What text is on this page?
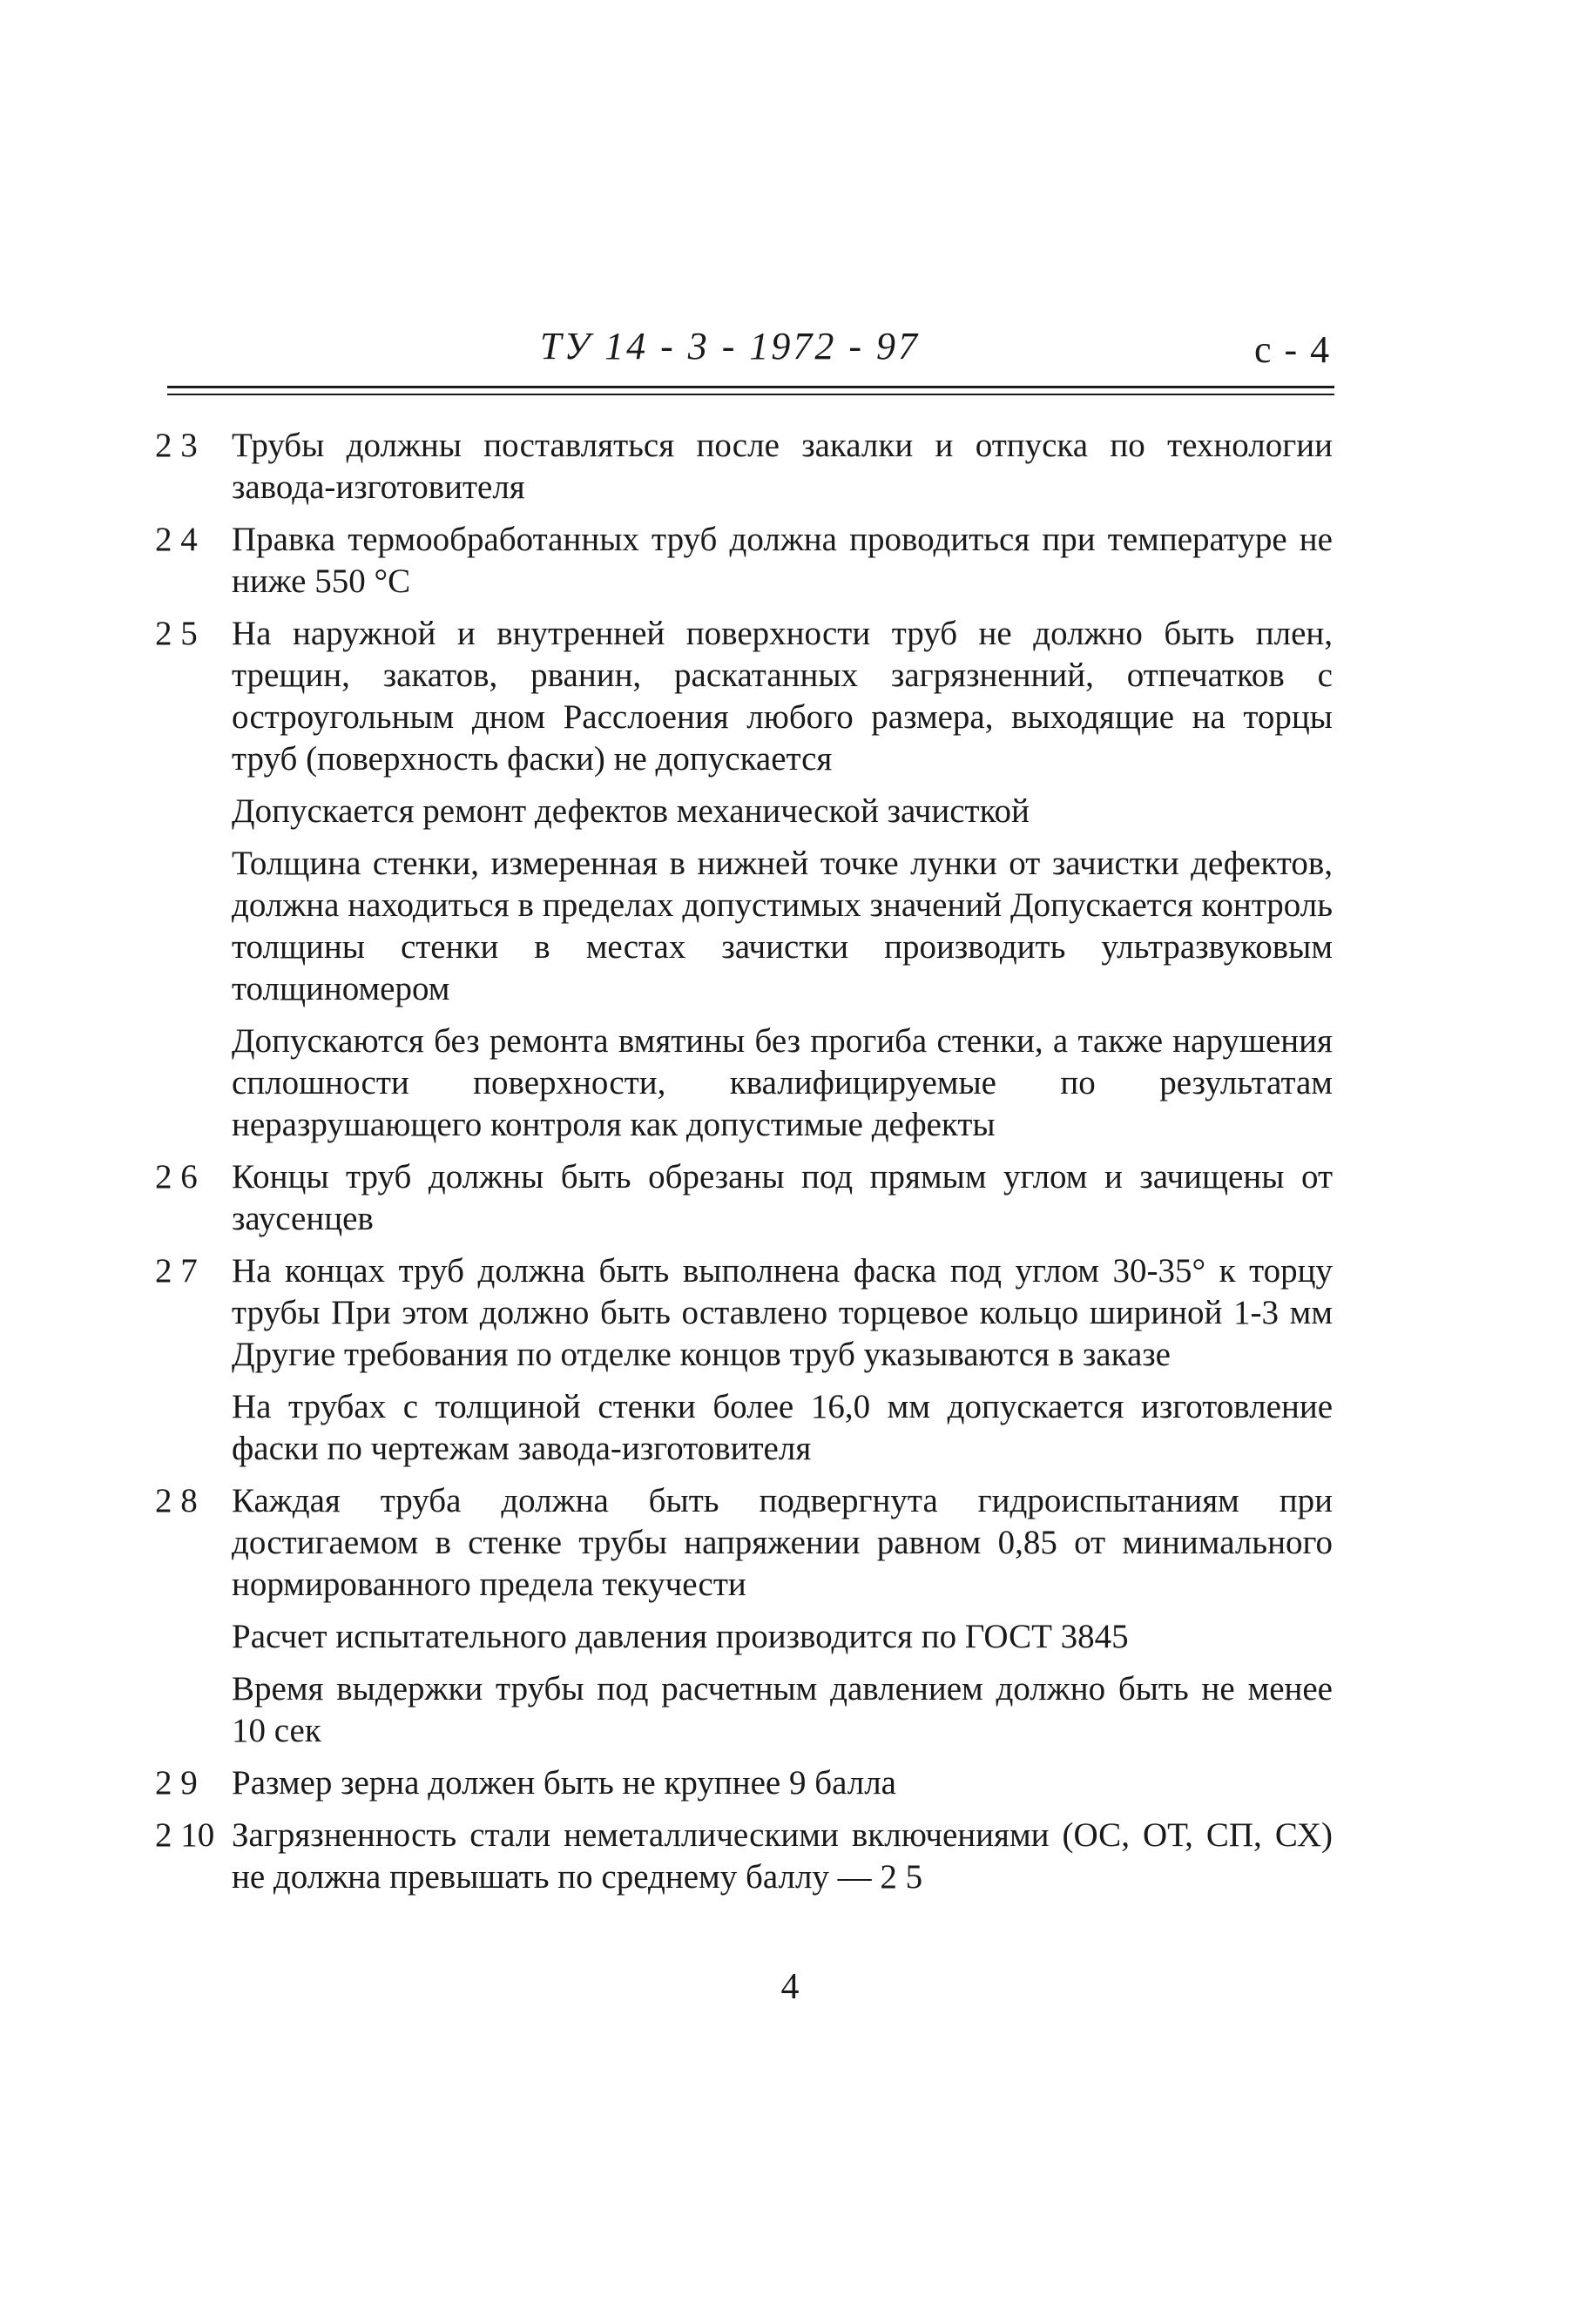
ТУ 14 - 3 - 1972 - 97	с - 4
2 3	Трубы должны поставляться после закалки и отпуска по технологии завода-изготовителя
2 4	Правка термообработанных труб должна проводиться при температуре не ниже 550 °С
2 5	На наружной и внутренней поверхности труб не должно быть плен, трещин, закатов, рванин, раскатанных загрязненний, отпечатков с остроугольным дном Расслоения любого размера, выходящие на торцы труб (поверхность фаски) не допускается
Допускается ремонт дефектов механической зачисткой
Толщина стенки, измеренная в нижней точке лунки от зачистки дефектов, должна находиться в пределах допустимых значений Допускается контроль толщины стенки в местах зачистки производить ультразвуковым толщиномером
Допускаются без ремонта вмятины без прогиба стенки, а также нарушения сплошности поверхности, квалифицируемые по результатам неразрушающего контроля как допустимые дефекты
2 6	Концы труб должны быть обрезаны под прямым углом и зачищены от заусенцев
2 7	На концах труб должна быть выполнена фаска под углом 30-35° к торцу трубы При этом должно быть оставлено торцевое кольцо шириной 1-3 мм Другие требования по отделке концов труб указываются в заказе
На трубах с толщиной стенки более 16,0 мм допускается изготовление фаски по чертежам завода-изготовителя
2 8	Каждая труба должна быть подвергнута гидроиспытаниям при достигаемом в стенке трубы напряжении равном 0,85 от минимального нормированного предела текучести
Расчет испытательного давления производится по ГОСТ 3845
Время выдержки трубы под расчетным давлением должно быть не менее 10 сек
2 9	Размер зерна должен быть не крупнее 9 балла
2 10 Загрязненность стали неметаллическими включениями (ОС, ОТ, СП, СХ) не должна превышать по среднему баллу — 2 5
4
